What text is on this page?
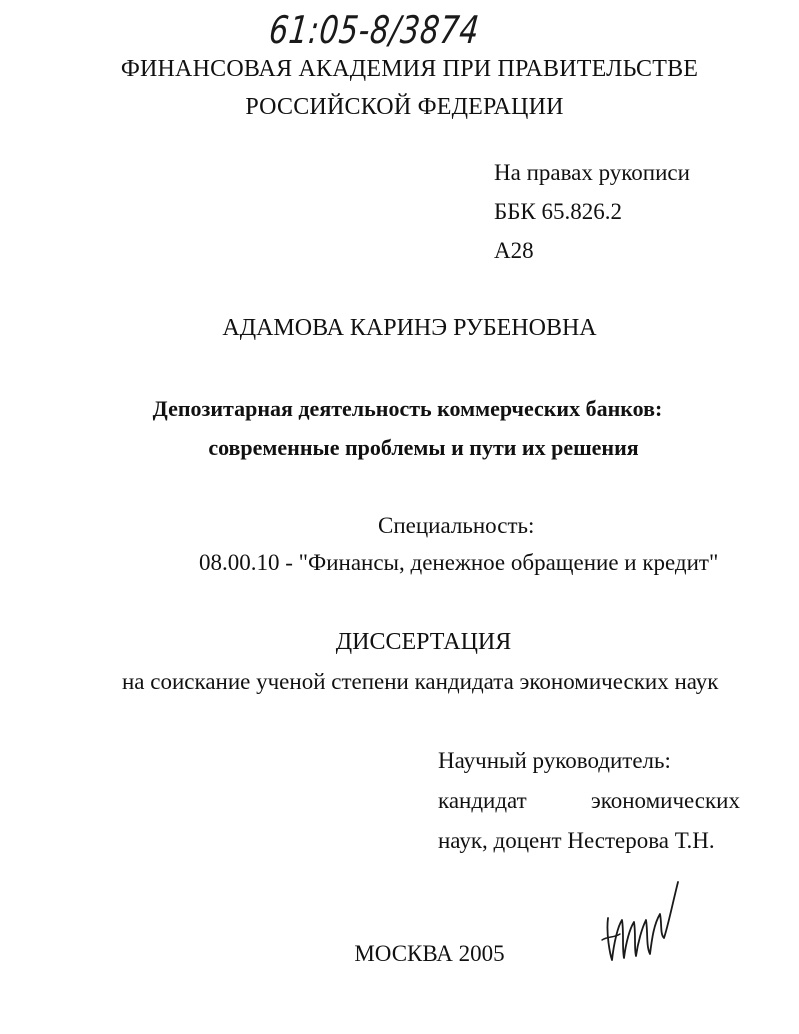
61:05-8/3874
ФИНАНСОВАЯ АКАДЕМИЯ ПРИ ПРАВИТЕЛЬСТВЕ
РОССИЙСКОЙ ФЕДЕРАЦИИ
На правах рукописи
ББК 65.826.2
А28
АДАМОВА КАРИНЭ РУБЕНОВНА
Депозитарная деятельность коммерческих банков:
современные проблемы и пути их решения
Специальность:
08.00.10 - "Финансы, денежное обращение и кредит"
ДИССЕРТАЦИЯ
на соискание ученой степени кандидата экономических наук
Научный руководитель:
кандидат	экономических
наук, доцент Нестерова Т.Н.
МОСКВА 2005
